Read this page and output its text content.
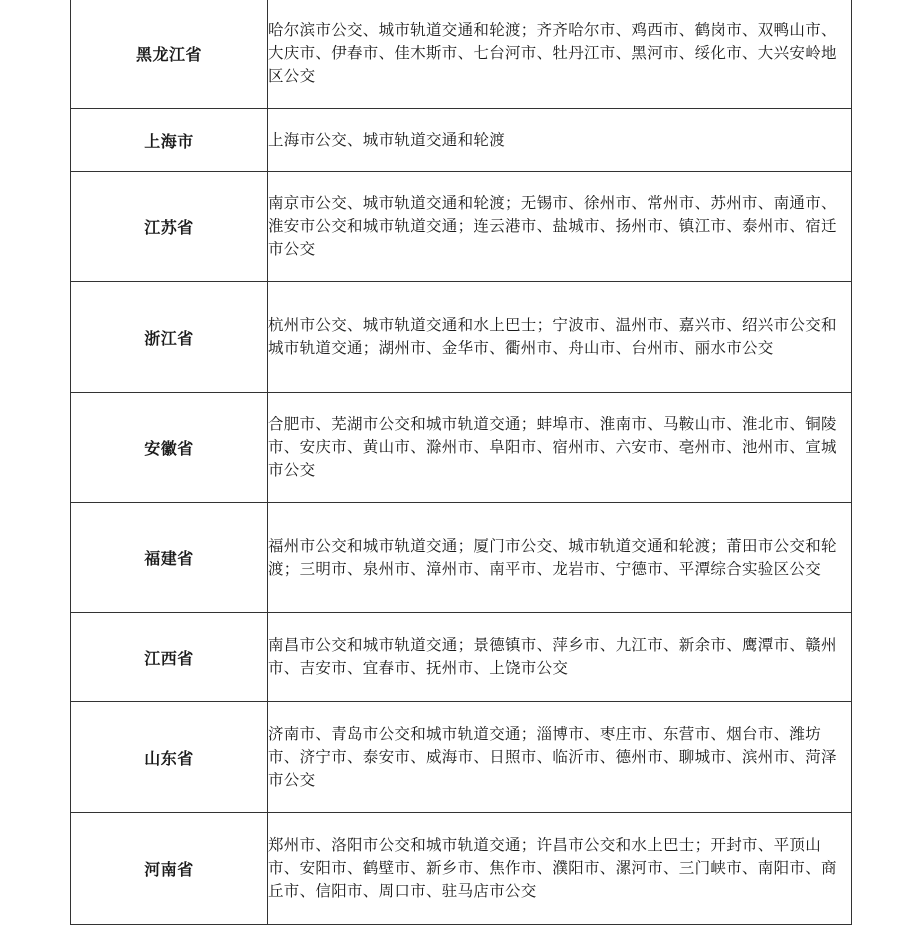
黑龙江省	哈尔滨市公交、城市轨道交通和轮渡；齐齐哈尔市、鸡西市、鹤岗市、双鸭山市、大庆市、伊春市、佳木斯市、七台河市、牡丹江市、黑河市、绥化市、大兴安岭地区公交
上海市	上海市公交、城市轨道交通和轮渡
江苏省	南京市公交、城市轨道交通和轮渡；无锡市、徐州市、常州市、苏州市、南通市、淮安市公交和城市轨道交通；连云港市、盐城市、扬州市、镇江市、泰州市、宿迁市公交
浙江省	杭州市公交、城市轨道交通和水上巴士；宁波市、温州市、嘉兴市、绍兴市公交和城市轨道交通；湖州市、金华市、衢州市、舟山市、台州市、丽水市公交
安徽省	合肥市、芜湖市公交和城市轨道交通；蚌埠市、淮南市、马鞍山市、淮北市、铜陵市、安庆市、黄山市、滁州市、阜阳市、宿州市、六安市、亳州市、池州市、宣城市公交
福建省	福州市公交和城市轨道交通；厦门市公交、城市轨道交通和轮渡；莆田市公交和轮渡；三明市、泉州市、漳州市、南平市、龙岩市、宁德市、平潭综合实验区公交
江西省	南昌市公交和城市轨道交通；景德镇市、萍乡市、九江市、新余市、鹰潭市、赣州市、吉安市、宜春市、抚州市、上饶市公交
山东省	济南市、青岛市公交和城市轨道交通；淄博市、枣庄市、东营市、烟台市、潍坊市、济宁市、泰安市、威海市、日照市、临沂市、德州市、聊城市、滨州市、菏泽市公交
河南省	郑州市、洛阳市公交和城市轨道交通；许昌市公交和水上巴士；开封市、平顶山市、安阳市、鹤壁市、新乡市、焦作市、濮阳市、漯河市、三门峡市、南阳市、商丘市、信阳市、周口市、驻马店市公交
